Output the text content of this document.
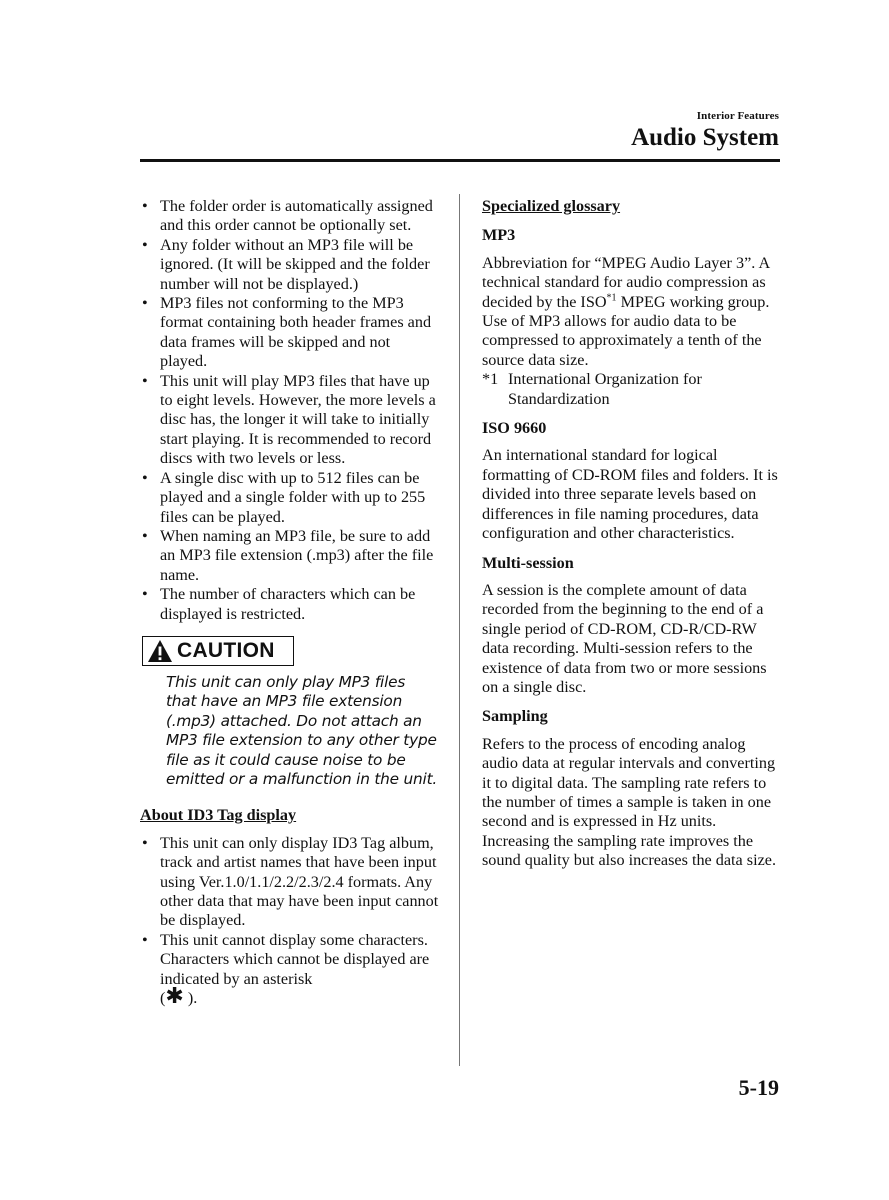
Interior Features
Audio System
• The folder order is automatically assigned and this order cannot be optionally set.
• Any folder without an MP3 file will be ignored. (It will be skipped and the folder number will not be displayed.)
• MP3 files not conforming to the MP3 format containing both header frames and data frames will be skipped and not played.
• This unit will play MP3 files that have up to eight levels. However, the more levels a disc has, the longer it will take to initially start playing. It is recommended to record discs with two levels or less.
• A single disc with up to 512 files can be played and a single folder with up to 255 files can be played.
• When naming an MP3 file, be sure to add an MP3 file extension (.mp3) after the file name.
• The number of characters which can be displayed is restricted.
CAUTION
This unit can only play MP3 files that have an MP3 file extension (.mp3) attached. Do not attach an MP3 file extension to any other type file as it could cause noise to be emitted or a malfunction in the unit.
About ID3 Tag display
• This unit can only display ID3 Tag album, track and artist names that have been input using Ver.1.0/1.1/2.2/2.3/2.4 formats. Any other data that may have been input cannot be displayed.
• This unit cannot display some characters. Characters which cannot be displayed are indicated by an asterisk
(✱ ).
Specialized glossary
MP3
Abbreviation for “MPEG Audio Layer 3”. A technical standard for audio compression as decided by the ISO$^{*1}$ MPEG working group. Use of MP3 allows for audio data to be compressed to approximately a tenth of the source data size.
*1 International Organization for Standardization
ISO 9660
An international standard for logical formatting of CD-ROM files and folders. It is divided into three separate levels based on differences in file naming procedures, data configuration and other characteristics.
Multi-session
A session is the complete amount of data recorded from the beginning to the end of a single period of CD-ROM, CD-R/CD-RW data recording. Multi-session refers to the existence of data from two or more sessions on a single disc.
Sampling
Refers to the process of encoding analog audio data at regular intervals and converting it to digital data. The sampling rate refers to the number of times a sample is taken in one second and is expressed in Hz units. Increasing the sampling rate improves the sound quality but also increases the data size.
5-19
